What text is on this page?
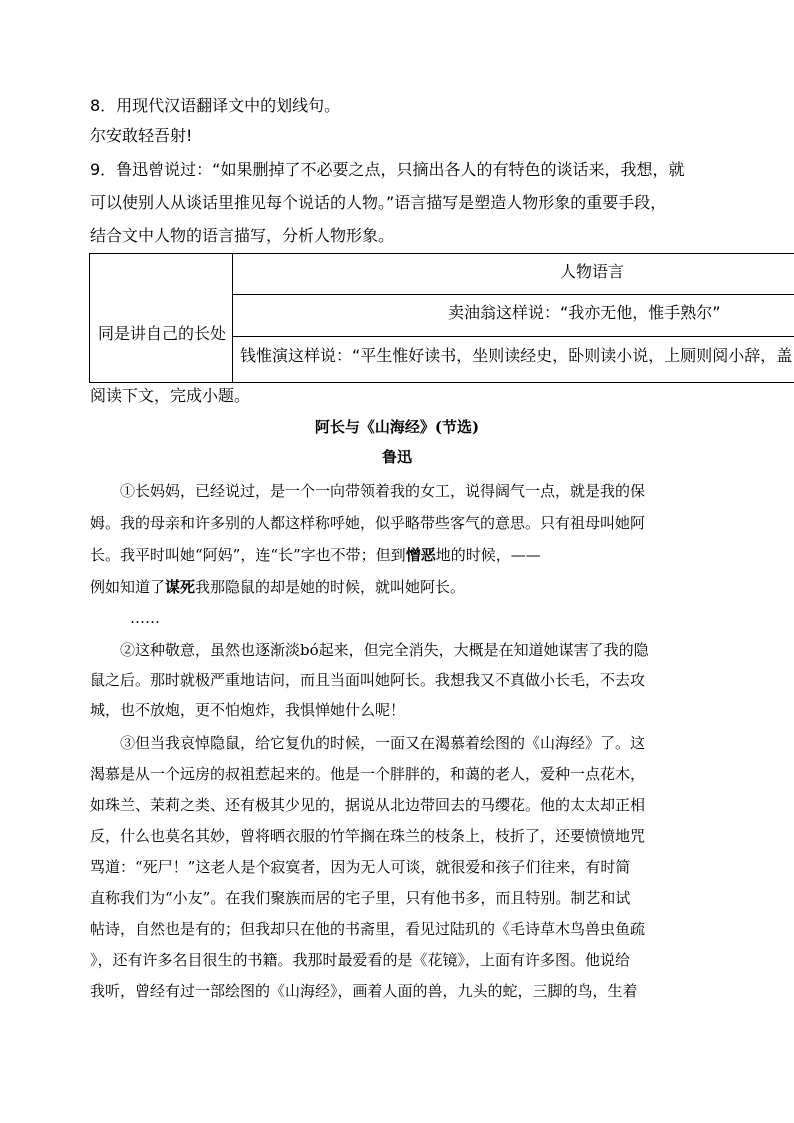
8．用现代汉语翻译文中的划线句。
尔安敢轻吾射!
9．鲁迅曾说过：“如果删掉了不必要之点，只摘出各人的有特色的谈话来，我想，就
可以使别人从谈话里推见每个说话的人物。”语言描写是塑造人物形象的重要手段，
结合文中人物的语言描写，分析人物形象。
人物语言
同是讲自己的长处
卖油翁这样说：“我亦无他，惟手熟尔”
钱惟演这样说：“平生惟好读书，坐则读经史，卧则读小说，上厕则阅小辞，盖
阅读下文，完成小题。
阿长与《山海经》(节选)
鲁迅
①长妈妈，已经说过，是一个一向带领着我的女工，说得阔气一点，就是我的保
姆。我的母亲和许多别的人都这样称呼她，似乎略带些客气的意思。只有祖母叫她阿
长。我平时叫她“阿妈”，连“长”字也不带；但到憎恶地的时候，——
例如知道了谋死我那隐鼠的却是她的时候，就叫她阿长。
……
②这种敬意，虽然也逐渐淡bó起来，但完全消失，大概是在知道她谋害了我的隐
鼠之后。那时就极严重地诘问，而且当面叫她阿长。我想我又不真做小长毛，不去攻
城，也不放炮，更不怕炮炸，我惧惮她什么呢！
③但当我哀悼隐鼠，给它复仇的时候，一面又在渴慕着绘图的《山海经》了。这
渴慕是从一个远房的叔祖惹起来的。他是一个胖胖的，和蔼的老人，爱种一点花木，
如珠兰、茉莉之类、还有极其少见的，据说从北边带回去的马缨花。他的太太却正相
反，什么也莫名其妙，曾将晒衣服的竹竿搁在珠兰的枝条上，枝折了，还要愤愤地咒
骂道：“死尸！”这老人是个寂寞者，因为无人可谈，就很爱和孩子们往来，有时简
直称我们为“小友”。在我们聚族而居的宅子里，只有他书多，而且特别。制艺和试
帖诗，自然也是有的；但我却只在他的书斋里，看见过陆玑的《毛诗草木鸟兽虫鱼疏
》，还有许多名目很生的书籍。我那时最爱看的是《花镜》，上面有许多图。他说给
我听，曾经有过一部绘图的《山海经》，画着人面的兽，九头的蛇，三脚的鸟，生着
